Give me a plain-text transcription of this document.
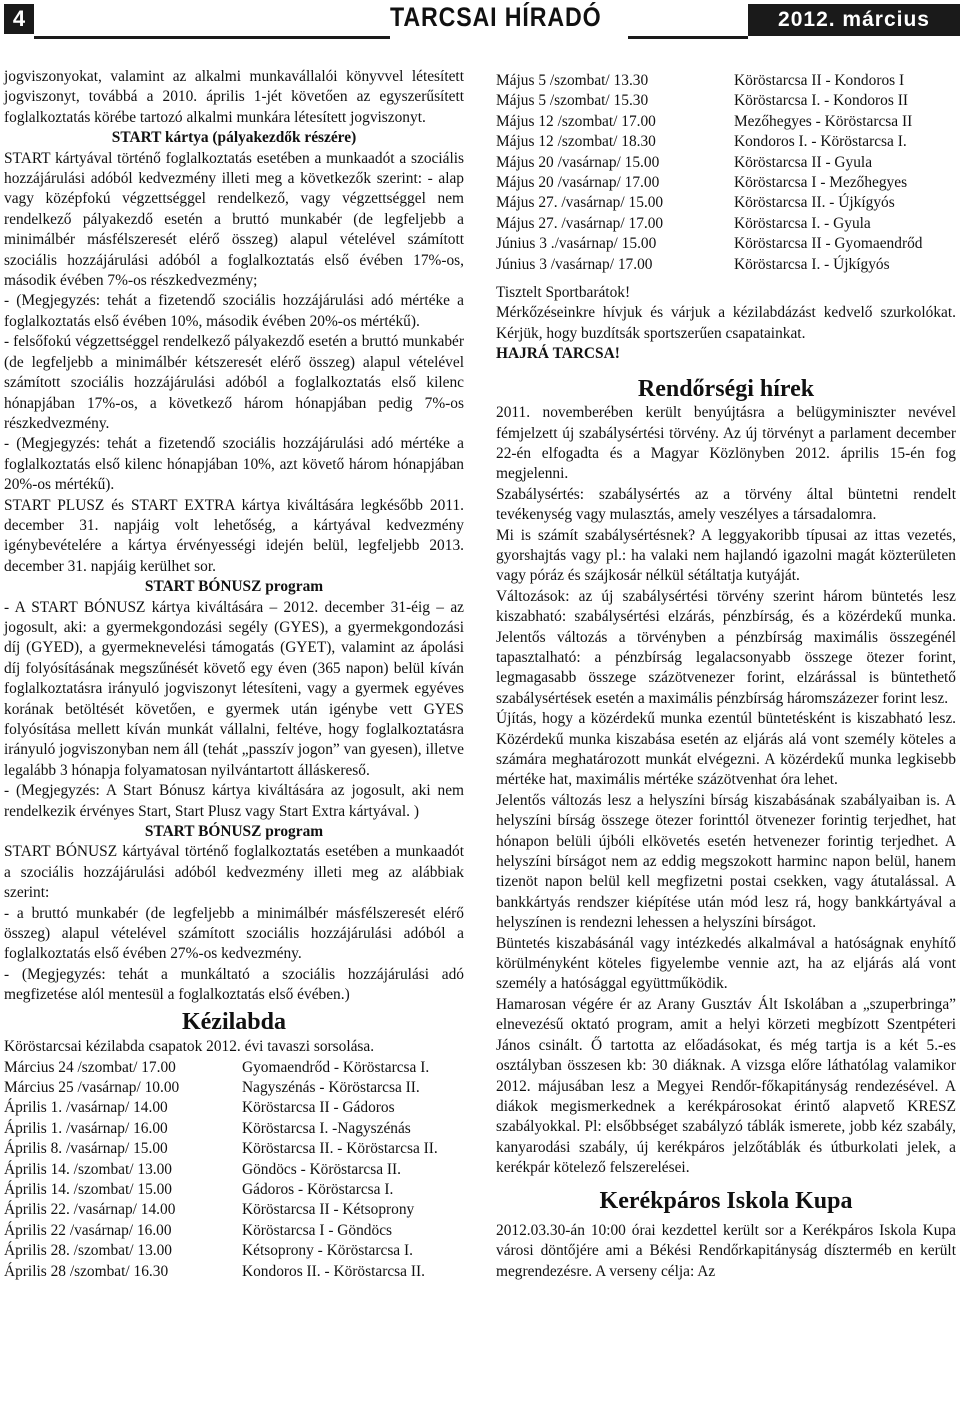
4	TARCSAI HÍRADÓ	2012. március

jogviszonyokat, valamint az alkalmi munkavállalói könyvvel létesített jogviszonyt, továbbá a 2010. április 1-jét követően az egyszerűsített foglalkoztatás körébe tartozó alkalmi munkára létesített jogviszonyt.

START kártya (pályakezdők részére)

START kártyával történő foglalkoztatás esetében a munkaadót a szociális hozzájárulási adóból kedvezmény illeti meg a következők szerint: - alap vagy középfokú végzettséggel rendelkező, vagy végzettséggel nem rendelkező pályakezdő esetén a bruttó munkabér (de legfeljebb a minimálbér másfélszeresét elérő összeg) alapul vételével számított szociális hozzájárulási adóból a foglalkoztatás első évében 17%-os, második évében 7%-os részkedvezmény;

- (Megjegyzés: tehát a fizetendő szociális hozzájárulási adó mértéke a foglalkoztatás első évében 10%, második évében 20%-os mértékű).

- felsőfokú végzettséggel rendelkező pályakezdő esetén a bruttó munkabér (de legfeljebb a minimálbér kétszeresét elérő összeg) alapul vételével számított szociális hozzájárulási adóból a foglalkoztatás első kilenc hónapjában 17%-os, a következő három hónapjában pedig 7%-os részkedvezmény.

- (Megjegyzés: tehát a fizetendő szociális hozzájárulási adó mértéke a foglalkoztatás első kilenc hónapjában 10%, azt követő három hónapjában 20%-os mértékű).

START PLUSZ és START EXTRA kártya kiváltására legkésőbb 2011. december 31. napjáig volt lehetőség, a kártyával kedvezmény igénybevételére a kártya érvényességi idején belül, legfeljebb 2013. december 31. napjáig kerülhet sor.

START BÓNUSZ program

- A START BÓNUSZ kártya kiváltására – 2012. december 31-éig – az jogosult, aki: a gyermekgondozási segély (GYES), a gyermekgondozási díj (GYED), a gyermeknevelési támogatás (GYET), valamint az ápolási díj folyósításának megszűnését követő egy éven (365 napon) belül kíván foglalkoztatásra irányuló jogviszonyt létesíteni, vagy a gyermek egyéves korának betöltését követően, e gyermek után igénybe vett GYES folyósítása mellett kíván munkát vállalni, feltéve, hogy foglalkoztatásra irányuló jogviszonyban nem áll (tehát „passzív jogon” van gyesen), illetve legalább 3 hónapja folyamatosan nyilvántartott álláskereső.

- (Megjegyzés: A Start Bónusz kártya kiváltására az jogosult, aki nem rendelkezik érvényes Start, Start Plusz vagy Start Extra kártyával. )

START BÓNUSZ program

START BÓNUSZ kártyával történő foglalkoztatás esetében a munkaadót a szociális hozzájárulási adóból kedvezmény illeti meg az alábbiak szerint:

- a bruttó munkabér (de legfeljebb a minimálbér másfélszeresét elérő összeg) alapul vételével számított szociális hozzájárulási adóból a foglalkoztatás első évében 27%-os kedvezmény.

- (Megjegyzés: tehát a munkáltató a szociális hozzájárulási adó megfizetése alól mentesül a foglalkoztatás első évében.)

Kézilabda

Köröstarcsai kézilabda csapatok 2012. évi tavaszi sorsolása.

Március 24 /szombat/ 17.00	Gyomaendrőd - Köröstarcsa I.
Március 25 /vasárnap/ 10.00	Nagyszénás - Köröstarcsa II.
Április 1. /vasárnap/ 14.00	Köröstarcsa II - Gádoros
Április 1. /vasárnap/ 16.00	Köröstarcsa I. -Nagyszénás
Április 8. /vasárnap/ 15.00	Köröstarcsa II. - Köröstarcsa II.
Április 14. /szombat/ 13.00	Göndöcs - Köröstarcsa II.
Április 14. /szombat/ 15.00	Gádoros - Köröstarcsa I.
Április 22. /vasárnap/ 14.00	Köröstarcsa II - Kétsoprony
Április 22 /vasárnap/ 16.00	Köröstarcsa I - Göndöcs
Április 28. /szombat/ 13.00	Kétsoprony - Köröstarcsa I.
Április 28 /szombat/ 16.30	Kondoros II. - Köröstarcsa II.
Május 5 /szombat/ 13.30	Köröstarcsa II - Kondoros I
Május 5 /szombat/ 15.30	Köröstarcsa I. - Kondoros II
Május 12 /szombat/ 17.00	Mezőhegyes - Köröstarcsa II
Május 12 /szombat/ 18.30	Kondoros I. - Köröstarcsa I.
Május 20 /vasárnap/ 15.00	Köröstarcsa II - Gyula
Május 20 /vasárnap/ 17.00	Köröstarcsa I - Mezőhegyes
Május 27. /vasárnap/ 15.00	Köröstarcsa II. - Újkígyós
Május 27. /vasárnap/ 17.00	Köröstarcsa I. - Gyula
Június 3 ./vasárnap/ 15.00	Köröstarcsa II - Gyomaendrőd
Június 3 /vasárnap/ 17.00	Köröstarcsa I. - Újkígyós

Tisztelt Sportbarátok!

Mérkőzéseinkre hívjuk és várjuk a kézilabdázást kedvelő szurkolókat. Kérjük, hogy buzdítsák sportszerűen csapatainkat.

HAJRÁ TARCSA!

Rendőrségi hírek

2011. novemberében került benyújtásra a belügyminiszter nevével fémjelzett új szabálysértési törvény. Az új törvényt a parlament december 22-én elfogadta és a Magyar Közlönyben 2012. április 15-én fog megjelenni.

Szabálysértés: szabálysértés az a törvény által büntetni rendelt tevékenység vagy mulasztás, amely veszélyes a társadalomra.

Mi is számít szabálysértésnek? A leggyakoribb típusai az ittas vezetés, gyorshajtás vagy pl.: ha valaki nem hajlandó igazolni magát közterületen vagy póráz és szájkosár nélkül sétáltatja kutyáját.

Változások: az új szabálysértési törvény szerint három büntetés lesz kiszabható: szabálysértési elzárás, pénzbírság, és a közérdekű munka. Jelentős változás a törvényben a pénzbírság maximális összegénél tapasztalható: a pénzbírság legalacsonyabb összege ötezer forint, legmagasabb összege százötvenezer forint, elzárással is büntethető szabálysértések esetén a maximális pénzbírság háromszázezer forint lesz.

Újítás, hogy a közérdekű munka ezentúl büntetésként is kiszabható lesz. Közérdekű munka kiszabása esetén az eljárás alá vont személy köteles a számára meghatározott munkát elvégezni. A közérdekű munka legkisebb mértéke hat, maximális mértéke százötvenhat óra lehet.

Jelentős változás lesz a helyszíni bírság kiszabásának szabályaiban is. A helyszíni bírság összege ötezer forinttól ötvenezer forintig terjedhet, hat hónapon belüli újbóli elkövetés esetén hetvenezer forintig terjedhet. A helyszíni bírságot nem az eddig megszokott harminc napon belül, hanem tizenöt napon belül kell megfizetni postai csekken, vagy átutalással. A bankkártyás rendszer kiépítése után mód lesz rá, hogy bankkártyával a helyszínen is rendezni lehessen a helyszíni bírságot.

Büntetés kiszabásánál vagy intézkedés alkalmával a hatóságnak enyhítő körülményként köteles figyelembe vennie azt, ha az eljárás alá vont személy a hatósággal együttműködik.

Hamarosan végére ér az Arany Gusztáv Ált Iskolában a „szuperbringa” elnevezésű oktató program, amit a helyi körzeti megbízott Szentpéteri János csinált. Ő tartotta az előadásokat, és még tartja is a két 5.-es osztályban összesen kb: 30 diáknak. A vizsga előre láthatólag valamikor 2012. májusában lesz a Megyei Rendőr-főkapitányság rendezésével. A diákok megismerkednek a kerékpárosokat érintő alapvető KRESZ szabályokkal. Pl: elsőbbséget szabályzó táblák ismerete, jobb kéz szabály, kanyarodási szabály, új kerékpáros jelzőtáblák és útburkolati jelek, a kerékpár kötelező felszerelései.

Kerékpáros Iskola Kupa

2012.03.30-án 10:00 órai kezdettel került sor a Kerékpáros Iskola Kupa városi döntőjére ami a Békési Rendőrkapitányság díszterméb en került megrendezésre. A verseny célja: Az
